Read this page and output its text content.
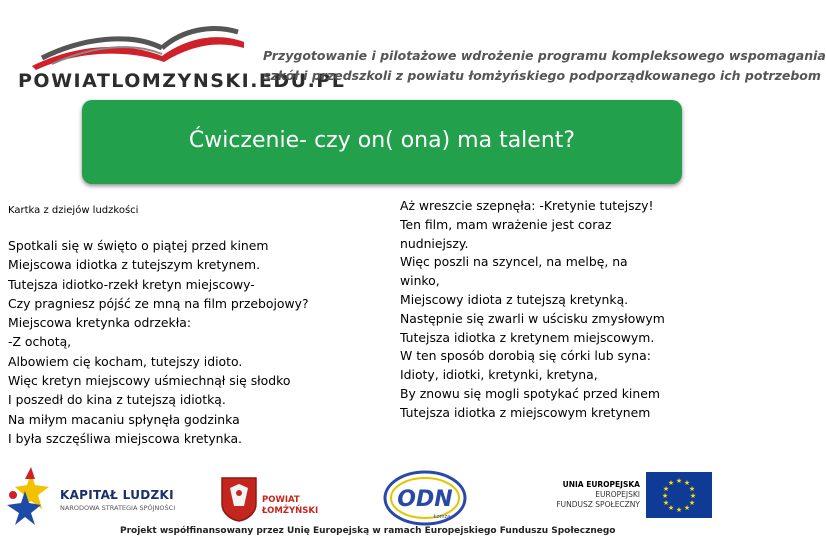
POWIATLOMZYNSKI.EDU.PL
Przygotowanie i pilotażowe wdrożenie programu kompleksowego wspomagania
szkół i przedszkoli z powiatu łomżyńskiego podporządkowanego ich potrzebom
Ćwiczenie- czy on( ona) ma talent?
Kartka z dziejów ludzkości
Spotkali się w święto o piątej przed kinem
Miejscowa idiotka z tutejszym kretynem.
Tutejsza idiotko-rzekł kretyn miejscowy-
Czy pragniesz pójść ze mną na film przebojowy?
Miejscowa kretynka odrzekła:
-Z ochotą,
Albowiem cię kocham, tutejszy idioto.
Więc kretyn miejscowy uśmiechnął się słodko
I poszedł do kina z tutejszą idiotką.
Na miłym macaniu spłynęła godzinka
I była szczęśliwa miejscowa kretynka.
Aż wreszcie szepnęła: -Kretynie tutejszy!
Ten film, mam wrażenie jest coraz
nudniejszy.
Więc poszli na szyncel, na melbę, na
winko,
Miejscowy idiota z tutejszą kretynką.
Następnie się zwarli w uścisku zmysłowym
Tutejsza idiotka z kretynem miejscowym.
W ten sposób dorobią się córki lub syna:
Idioty, idiotki, kretynki, kretyna,
By znowu się mogli spotykać przed kinem
Tutejsza idiotka z miejscowym kretynem
KAPITAŁ LUDZKI
NARODOWA STRATEGIA SPÓJNOŚCI
POWIAT
ŁOMŻYŃSKI	ODN
Łomża
UNIA EUROPEJSKA
EUROPEJSKI
FUNDUSZ SPOŁECZNY
★ ★
★
★
★
★
★
★
★
★
★
★
Projekt współfinansowany przez Unię Europejską w ramach Europejskiego Funduszu Społecznego
